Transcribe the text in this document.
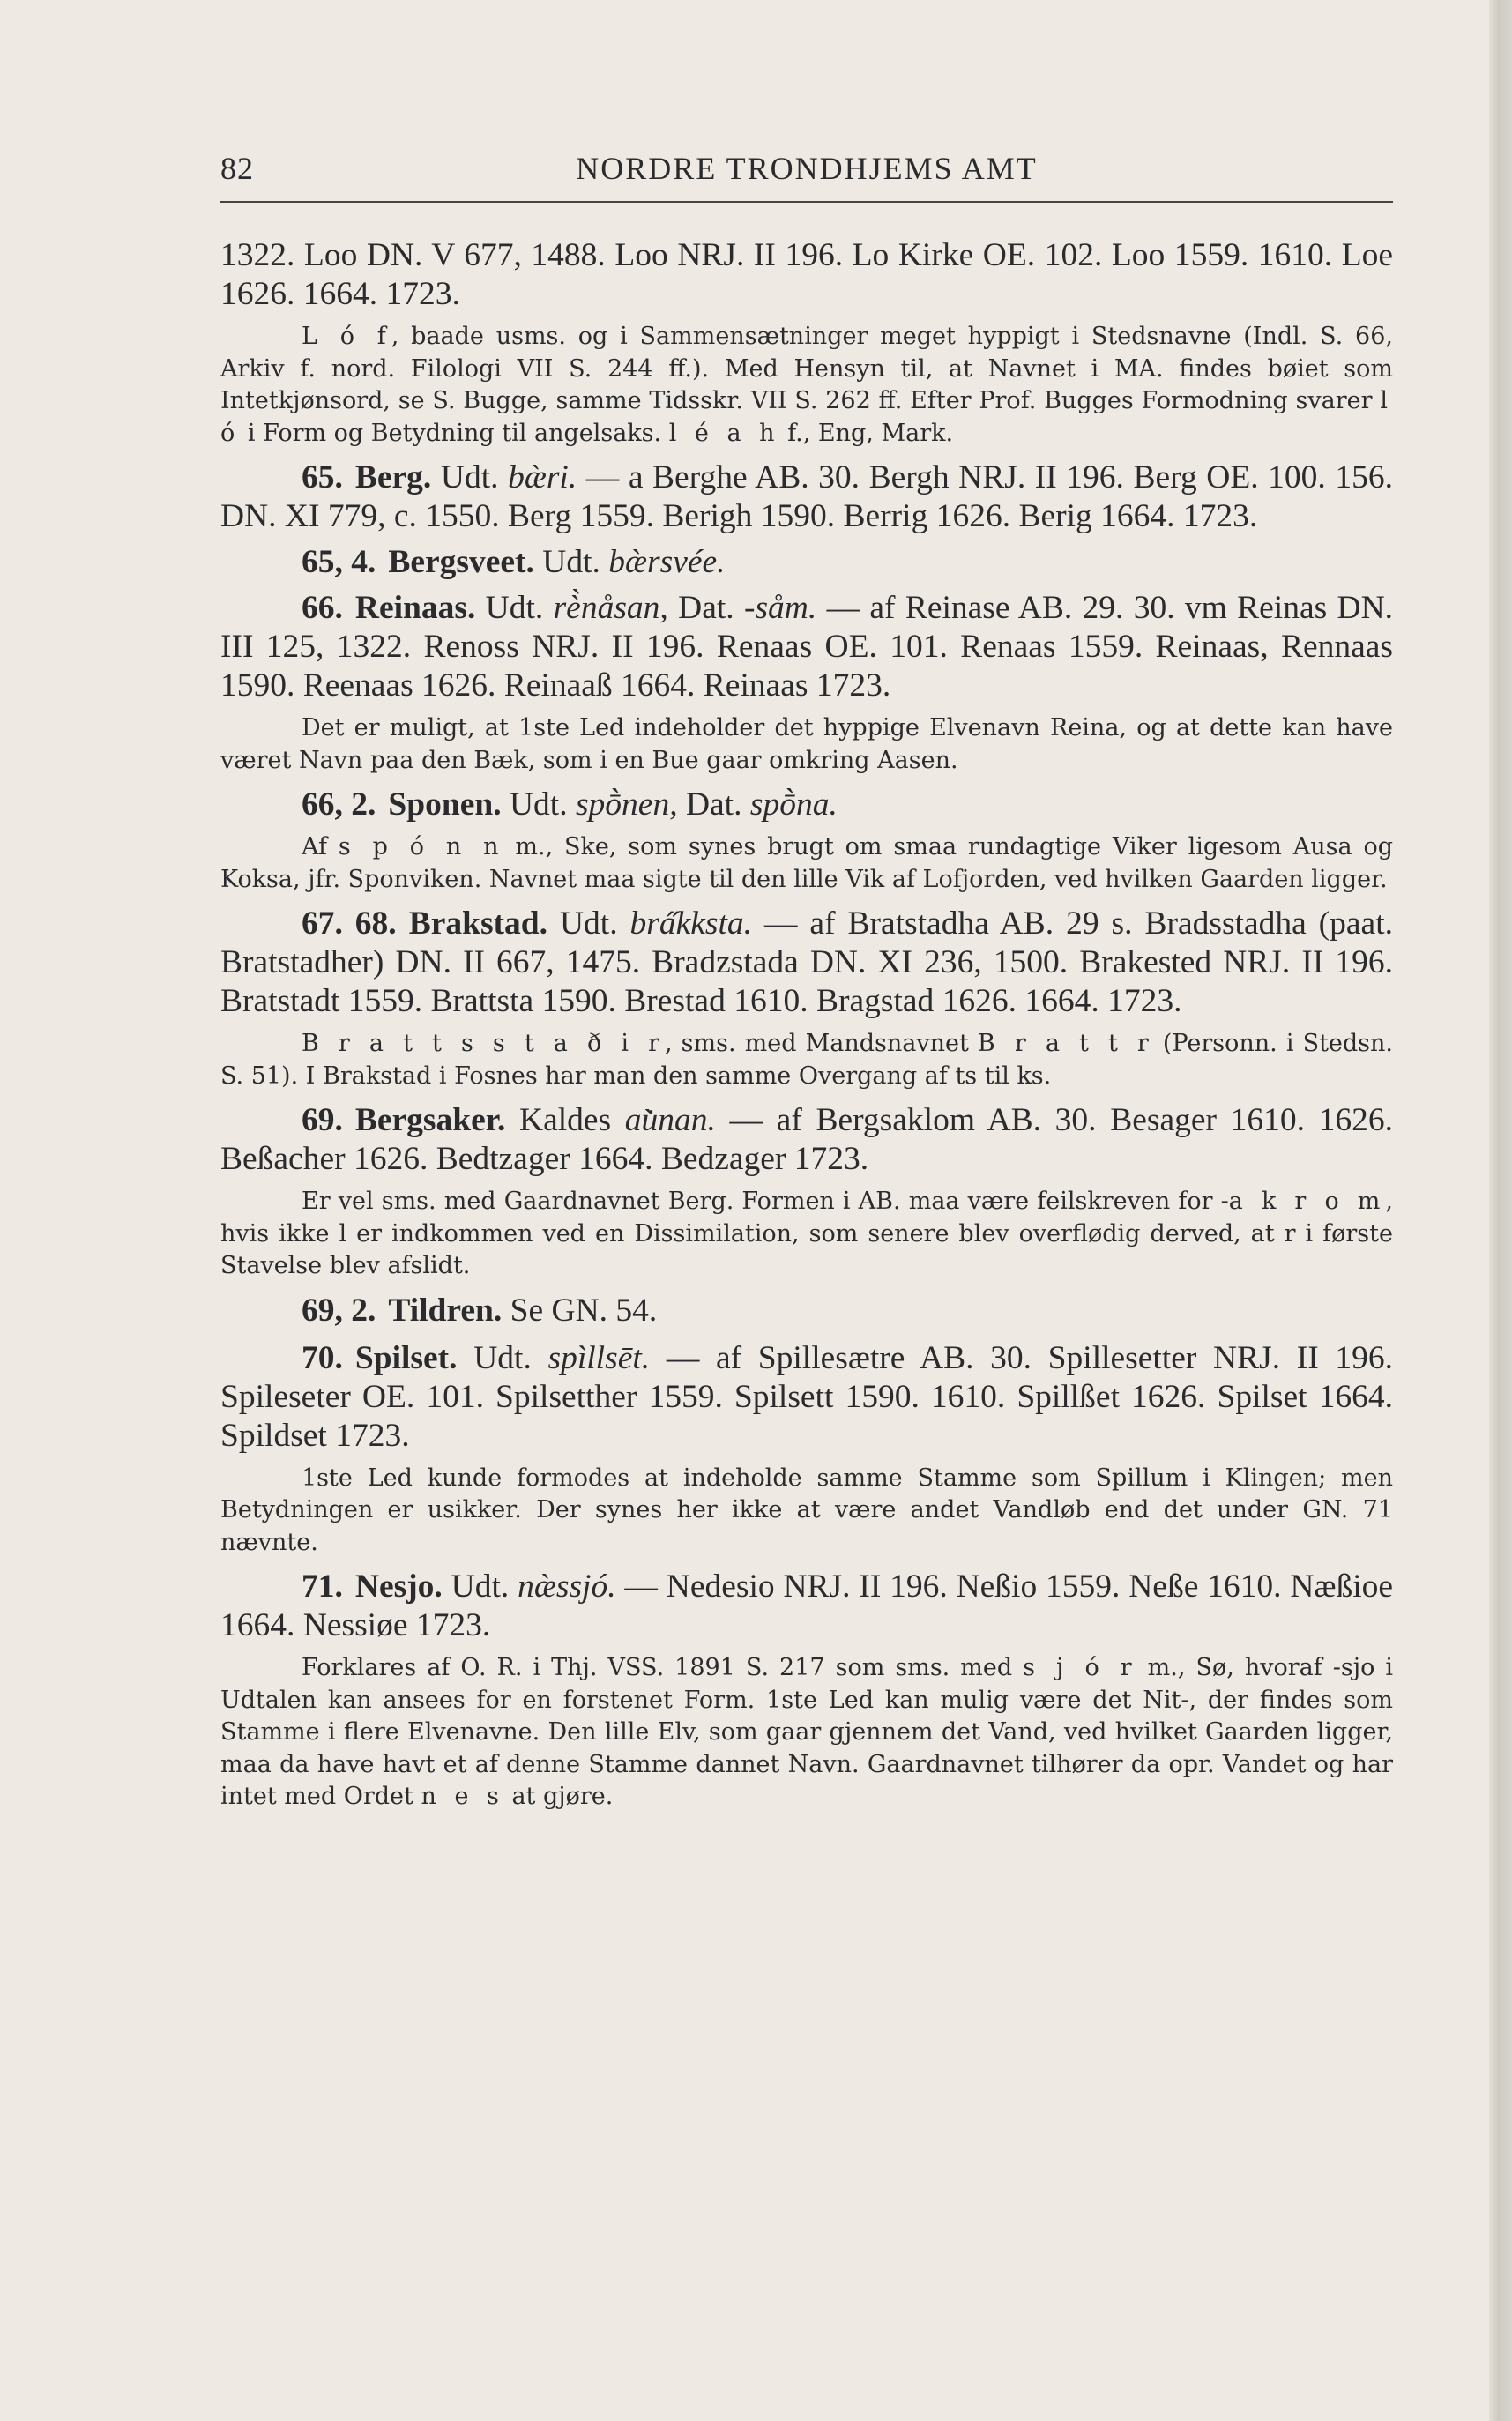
82	NORDRE TRONDHJEMS AMT

1322. Loo DN. V 677, 1488. Loo NRJ. II 196. Lo Kirke OE. 102. Loo 1559. 1610. Loe 1626. 1664. 1723.

L ó f, baade usms. og i Sammensætninger meget hyppigt i Stedsnavne (Indl. S. 66, Arkiv f. nord. Filologi VII S. 244 ff.). Med Hensyn til, at Navnet i MA. findes bøiet som Intetkjønsord, se S. Bugge, samme Tidsskr. VII S. 262 ff. Efter Prof. Bugges Formodning svarer l ó i Form og Betydning til angelsaks. l é a h f., Eng, Mark.

65. Berg. Udt. bæ̀ri. — a Berghe AB. 30. Bergh NRJ. II 196. Berg OE. 100. 156. DN. XI 779, c. 1550. Berg 1559. Berigh 1590. Berrig 1626. Berig 1664. 1723.

65, 4. Bergsveet. Udt. bæ̀rsvée.

66. Reinaas. Udt. rè̀nåsan, Dat. -såm. — af Reinase AB. 29. 30. vm Reinas DN. III 125, 1322. Renoss NRJ. II 196. Renaas OE. 101. Renaas 1559. Reinaas, Rennaas 1590. Reenaas 1626. Reinaaß 1664. Reinaas 1723.

Det er muligt, at 1ste Led indeholder det hyppige Elvenavn Reina, og at dette kan have været Navn paa den Bæk, som i en Bue gaar omkring Aasen.

66, 2. Sponen. Udt. spṑnen, Dat. spṑna.

Af s p ó n n m., Ske, som synes brugt om smaa rundagtige Viker ligesom Ausa og Koksa, jfr. Sponviken. Navnet maa sigte til den lille Vik af Lofjorden, ved hvilken Gaarden ligger.

67. 68. Brakstad. Udt. bra̋kksta. — af Bratstadha AB. 29 s. Bradsstadha (paat. Bratstadher) DN. II 667, 1475. Bradzstada DN. XI 236, 1500. Brakested NRJ. II 196. Bratstadt 1559. Brattsta 1590. Brestad 1610. Bragstad 1626. 1664. 1723.

B r a t t s s t a ð i r, sms. med Mandsnavnet B r a t t r (Personn. i Stedsn. S. 51). I Brakstad i Fosnes har man den samme Overgang af ts til ks.

69. Bergsaker. Kaldes au̇̀nan. — af Bergsaklom AB. 30. Besager 1610. 1626. Beßacher 1626. Bedtzager 1664. Bedzager 1723.

Er vel sms. med Gaardnavnet Berg. Formen i AB. maa være feilskreven for -a k r o m, hvis ikke l er indkommen ved en Dissimilation, som senere blev overflødig derved, at r i første Stavelse blev afslidt.

69, 2. Tildren. Se GN. 54.

70. Spilset. Udt. spìllsēt. — af Spillesætre AB. 30. Spillesetter NRJ. II 196. Spileseter OE. 101. Spilsetther 1559. Spilsett 1590. 1610. Spillßet 1626. Spilset 1664. Spildset 1723.

1ste Led kunde formodes at indeholde samme Stamme som Spillum i Klingen; men Betydningen er usikker. Der synes her ikke at være andet Vandløb end det under GN. 71 nævnte.

71. Nesjo. Udt. næ̀ssjó. — Nedesio NRJ. II 196. Neßio 1559. Neße 1610. Næßioe 1664. Nessiøe 1723.

Forklares af O. R. i Thj. VSS. 1891 S. 217 som sms. med s j ó r m., Sø, hvoraf -sjo i Udtalen kan ansees for en forstenet Form. 1ste Led kan mulig være det Nit-, der findes som Stamme i flere Elvenavne. Den lille Elv, som gaar gjennem det Vand, ved hvilket Gaarden ligger, maa da have havt et af denne Stamme dannet Navn. Gaardnavnet tilhører da opr. Vandet og har intet med Ordet n e s at gjøre.
